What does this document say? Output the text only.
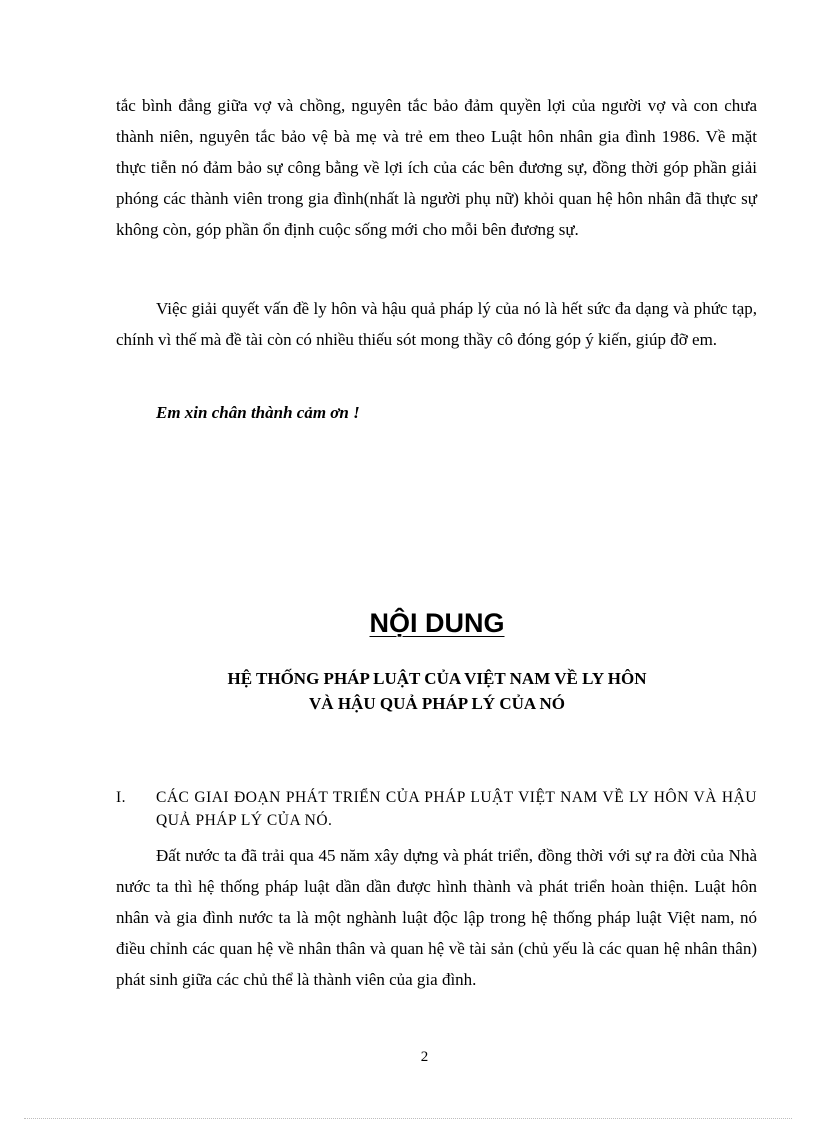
tắc bình đẳng giữa vợ và chồng, nguyên tắc bảo đảm quyền lợi của người vợ và con chưa thành niên, nguyên tắc bảo vệ bà mẹ và trẻ em theo Luật hôn nhân gia đình 1986. Về mặt thực tiễn nó đảm bảo sự công bằng về lợi ích của các bên đương sự, đồng thời góp phần giải phóng các thành viên trong gia đình(nhất là người phụ nữ) khỏi quan hệ hôn nhân đã thực sự không còn, góp phần ổn định cuộc sống mới cho mỗi bên đương sự.

Việc giải quyết vấn đề ly hôn và hậu quả pháp lý của nó là hết sức đa dạng và phức tạp, chính vì thế mà đề tài còn có nhiều thiếu sót mong thầy cô đóng góp ý kiến, giúp đỡ em.

Em xin chân thành cảm ơn !

NỘI DUNG
HỆ THỐNG PHÁP LUẬT CỦA VIỆT NAM VỀ LY HÔN
VÀ HẬU QUẢ PHÁP LÝ CỦA NÓ
I. CÁC GIAI ĐOẠN PHÁT TRIỂN CỦA PHÁP LUẬT VIỆT NAM VỀ LY HÔN VÀ HẬU QUẢ PHÁP LÝ CỦA NÓ.

Đất nước ta đã trải qua 45 năm xây dựng và phát triển, đồng thời với sự ra đời của Nhà nước ta thì hệ thống pháp luật dần dần được hình thành và phát triển hoàn thiện. Luật hôn nhân và gia đình nước ta là một nghành luật độc lập trong hệ thống pháp luật Việt nam, nó điều chỉnh các quan hệ về nhân thân và quan hệ về tài sản (chủ yếu là các quan hệ nhân thân) phát sinh giữa các chủ thể là thành viên của gia đình.

2
